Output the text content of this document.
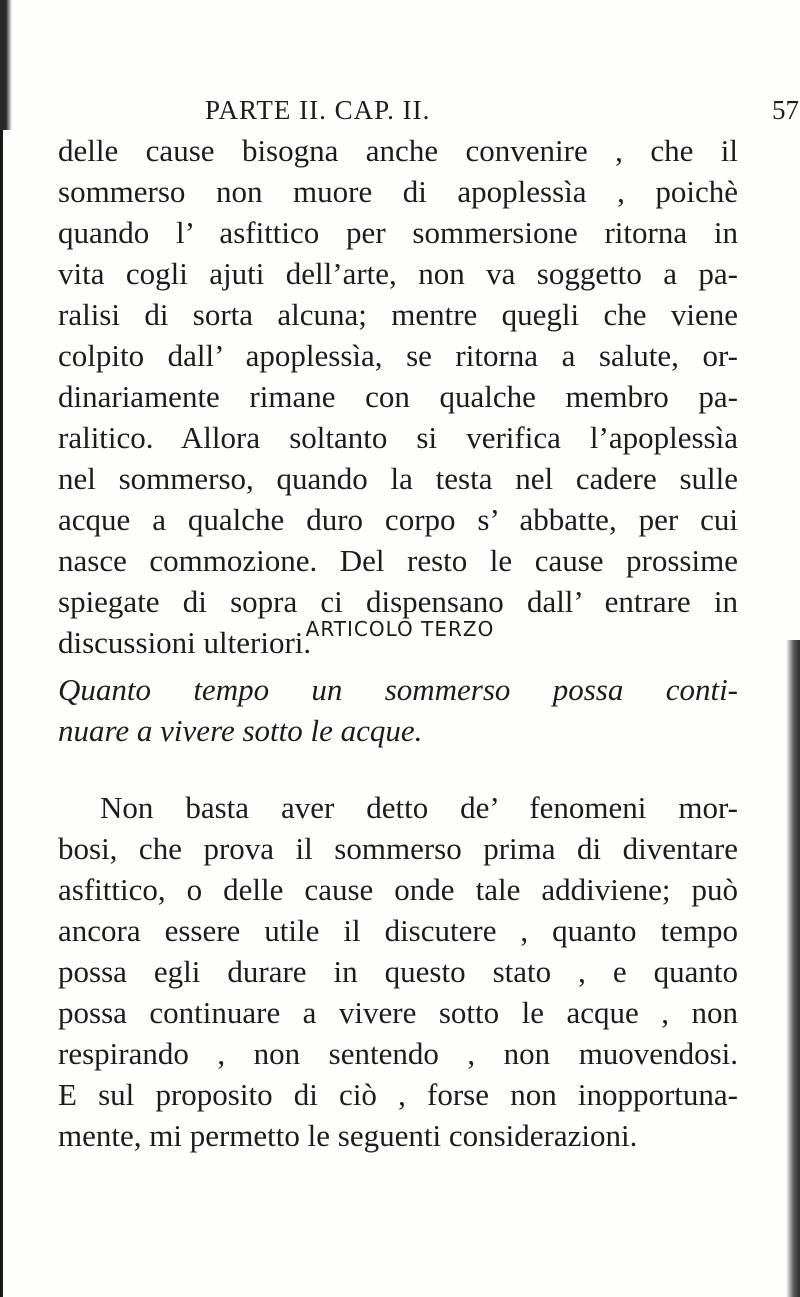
PARTE II. CAP. II.	57
delle cause bisogna anche convenire , che il
sommerso non muore di apoplessìa , poichè
quando l’ asfittico per sommersione ritorna in
vita cogli ajuti dell’arte, non va soggetto a pa-
ralisi di sorta alcuna; mentre quegli che viene
colpito dall’ apoplessìa, se ritorna a salute, or-
dinariamente rimane con qualche membro pa-
ralitico. Allora soltanto si verifica l’apoplessìa
nel sommerso, quando la testa nel cadere sulle
acque a qualche duro corpo s’ abbatte, per cui
nasce commozione. Del resto le cause prossime
spiegate di sopra ci dispensano dall’ entrare in
discussioni ulteriori.
ARTICOLO TERZO
Quanto tempo un sommerso possa conti-
nuare a vivere sotto le acque.
Non basta aver detto de’ fenomeni mor-
bosi, che prova il sommerso prima di diventare
asfittico, o delle cause onde tale addiviene; può
ancora essere utile il discutere , quanto tempo
possa egli durare in questo stato , e quanto
possa continuare a vivere sotto le acque , non
respirando , non sentendo , non muovendosi.
E sul proposito di ciò , forse non inopportuna-
mente, mi permetto le seguenti considerazioni.
